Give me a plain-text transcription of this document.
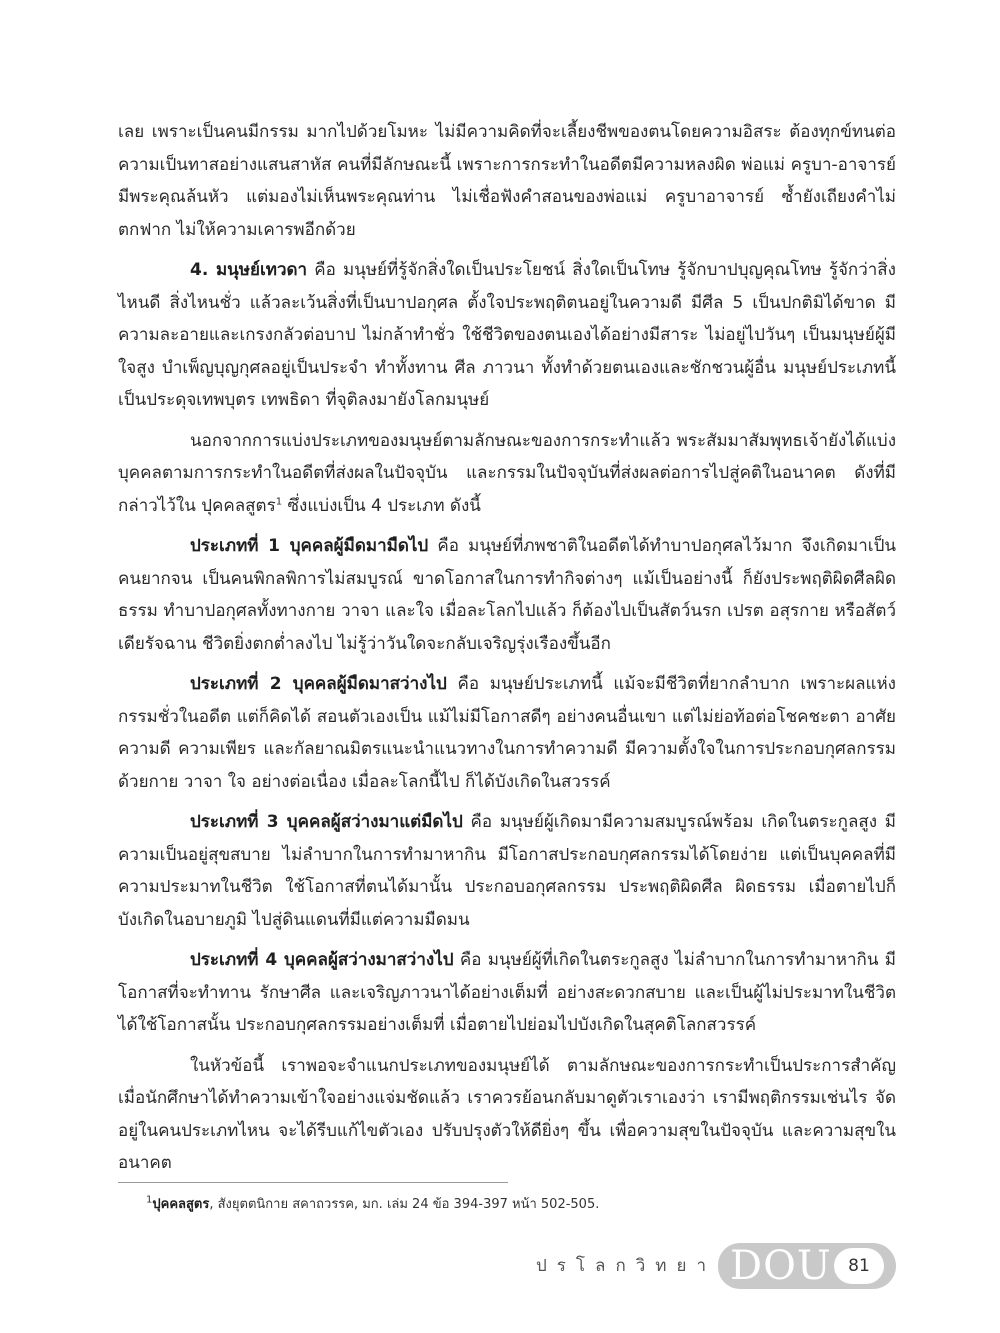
เลย เพราะเป็นคนมีกรรม มากไปด้วยโมหะ ไม่มีความคิดที่จะเลี้ยงชีพของตนโดยความอิสระ ต้องทุกข์ทนต่อความเป็นทาสอย่างแสนสาหัส คนที่มีลักษณะนี้ เพราะการกระทำในอดีตมีความหลงผิด พ่อแม่ ครูบา-อาจารย์ มีพระคุณล้นหัว แต่มองไม่เห็นพระคุณท่าน ไม่เชื่อฟังคำสอนของพ่อแม่ ครูบาอาจารย์ ซ้ำยังเถียงคำไม่ตกฟาก ไม่ให้ความเคารพอีกด้วย

4. มนุษย์เทวดา คือ มนุษย์ที่รู้จักสิ่งใดเป็นประโยชน์ สิ่งใดเป็นโทษ รู้จักบาปบุญคุณโทษ รู้จักว่าสิ่งไหนดี สิ่งไหนชั่ว แล้วละเว้นสิ่งที่เป็นบาปอกุศล ตั้งใจประพฤติตนอยู่ในความดี มีศีล 5 เป็นปกติมิได้ขาด มีความละอายและเกรงกลัวต่อบาป ไม่กล้าทำชั่ว ใช้ชีวิตของตนเองได้อย่างมีสาระ ไม่อยู่ไปวันๆ เป็นมนุษย์ผู้มีใจสูง บำเพ็ญบุญกุศลอยู่เป็นประจำ ทำทั้งทาน ศีล ภาวนา ทั้งทำด้วยตนเองและชักชวนผู้อื่น มนุษย์ประเภทนี้เป็นประดุจเทพบุตร เทพธิดา ที่จุติลงมายังโลกมนุษย์

นอกจากการแบ่งประเภทของมนุษย์ตามลักษณะของการกระทำแล้ว พระสัมมาสัมพุทธเจ้ายังได้แบ่งบุคคลตามการกระทำในอดีตที่ส่งผลในปัจจุบัน และกรรมในปัจจุบันที่ส่งผลต่อการไปสู่คติในอนาคต ดังที่มีกล่าวไว้ใน ปุคคลสูตร$^1$ ซึ่งแบ่งเป็น 4 ประเภท ดังนี้

ประเภทที่ 1 บุคคลผู้มืดมามืดไป คือ มนุษย์ที่ภพชาติในอดีตได้ทำบาปอกุศลไว้มาก จึงเกิดมาเป็นคนยากจน เป็นคนพิกลพิการไม่สมบูรณ์ ขาดโอกาสในการทำกิจต่างๆ แม้เป็นอย่างนี้ ก็ยังประพฤติผิดศีลผิดธรรม ทำบาปอกุศลทั้งทางกาย วาจา และใจ เมื่อละโลกไปแล้ว ก็ต้องไปเป็นสัตว์นรก เปรต อสุรกาย หรือสัตว์เดียรัจฉาน ชีวิตยิ่งตกต่ำลงไป ไม่รู้ว่าวันใดจะกลับเจริญรุ่งเรืองขึ้นอีก

ประเภทที่ 2 บุคคลผู้มืดมาสว่างไป คือ มนุษย์ประเภทนี้ แม้จะมีชีวิตที่ยากลำบาก เพราะผลแห่งกรรมชั่วในอดีต แต่ก็คิดได้ สอนตัวเองเป็น แม้ไม่มีโอกาสดีๆ อย่างคนอื่นเขา แต่ไม่ย่อท้อต่อโชคชะตา อาศัยความดี ความเพียร และกัลยาณมิตรแนะนำแนวทางในการทำความดี มีความตั้งใจในการประกอบกุศลกรรมด้วยกาย วาจา ใจ อย่างต่อเนื่อง เมื่อละโลกนี้ไป ก็ได้บังเกิดในสวรรค์

ประเภทที่ 3 บุคคลผู้สว่างมาแต่มืดไป คือ มนุษย์ผู้เกิดมามีความสมบูรณ์พร้อม เกิดในตระกูลสูง มีความเป็นอยู่สุขสบาย ไม่ลำบากในการทำมาหากิน มีโอกาสประกอบกุศลกรรมได้โดยง่าย แต่เป็นบุคคลที่มีความประมาทในชีวิต ใช้โอกาสที่ตนได้มานั้น ประกอบอกุศลกรรม ประพฤติผิดศีล ผิดธรรม เมื่อตายไปก็บังเกิดในอบายภูมิ ไปสู่ดินแดนที่มีแต่ความมืดมน

ประเภทที่ 4 บุคคลผู้สว่างมาสว่างไป คือ มนุษย์ผู้ที่เกิดในตระกูลสูง ไม่ลำบากในการทำมาหากิน มีโอกาสที่จะทำทาน รักษาศีล และเจริญภาวนาได้อย่างเต็มที่ อย่างสะดวกสบาย และเป็นผู้ไม่ประมาทในชีวิต ได้ใช้โอกาสนั้น ประกอบกุศลกรรมอย่างเต็มที่ เมื่อตายไปย่อมไปบังเกิดในสุคติโลกสวรรค์

ในหัวข้อนี้ เราพอจะจำแนกประเภทของมนุษย์ได้ ตามลักษณะของการกระทำเป็นประการสำคัญ เมื่อนักศึกษาได้ทำความเข้าใจอย่างแจ่มชัดแล้ว เราควรย้อนกลับมาดูตัวเราเองว่า เรามีพฤติกรรมเช่นไร จัดอยู่ในคนประเภทไหน จะได้รีบแก้ไขตัวเอง ปรับปรุงตัวให้ดียิ่งๆ ขึ้น เพื่อความสุขในปัจจุบัน และความสุขในอนาคต

$^1$ปุคคลสูตร, สังยุตตนิกาย สคาถวรรค, มก. เล่ม 24 ข้อ 394-397 หน้า 502-505.
ปรโลกวิทยา DOU 81
